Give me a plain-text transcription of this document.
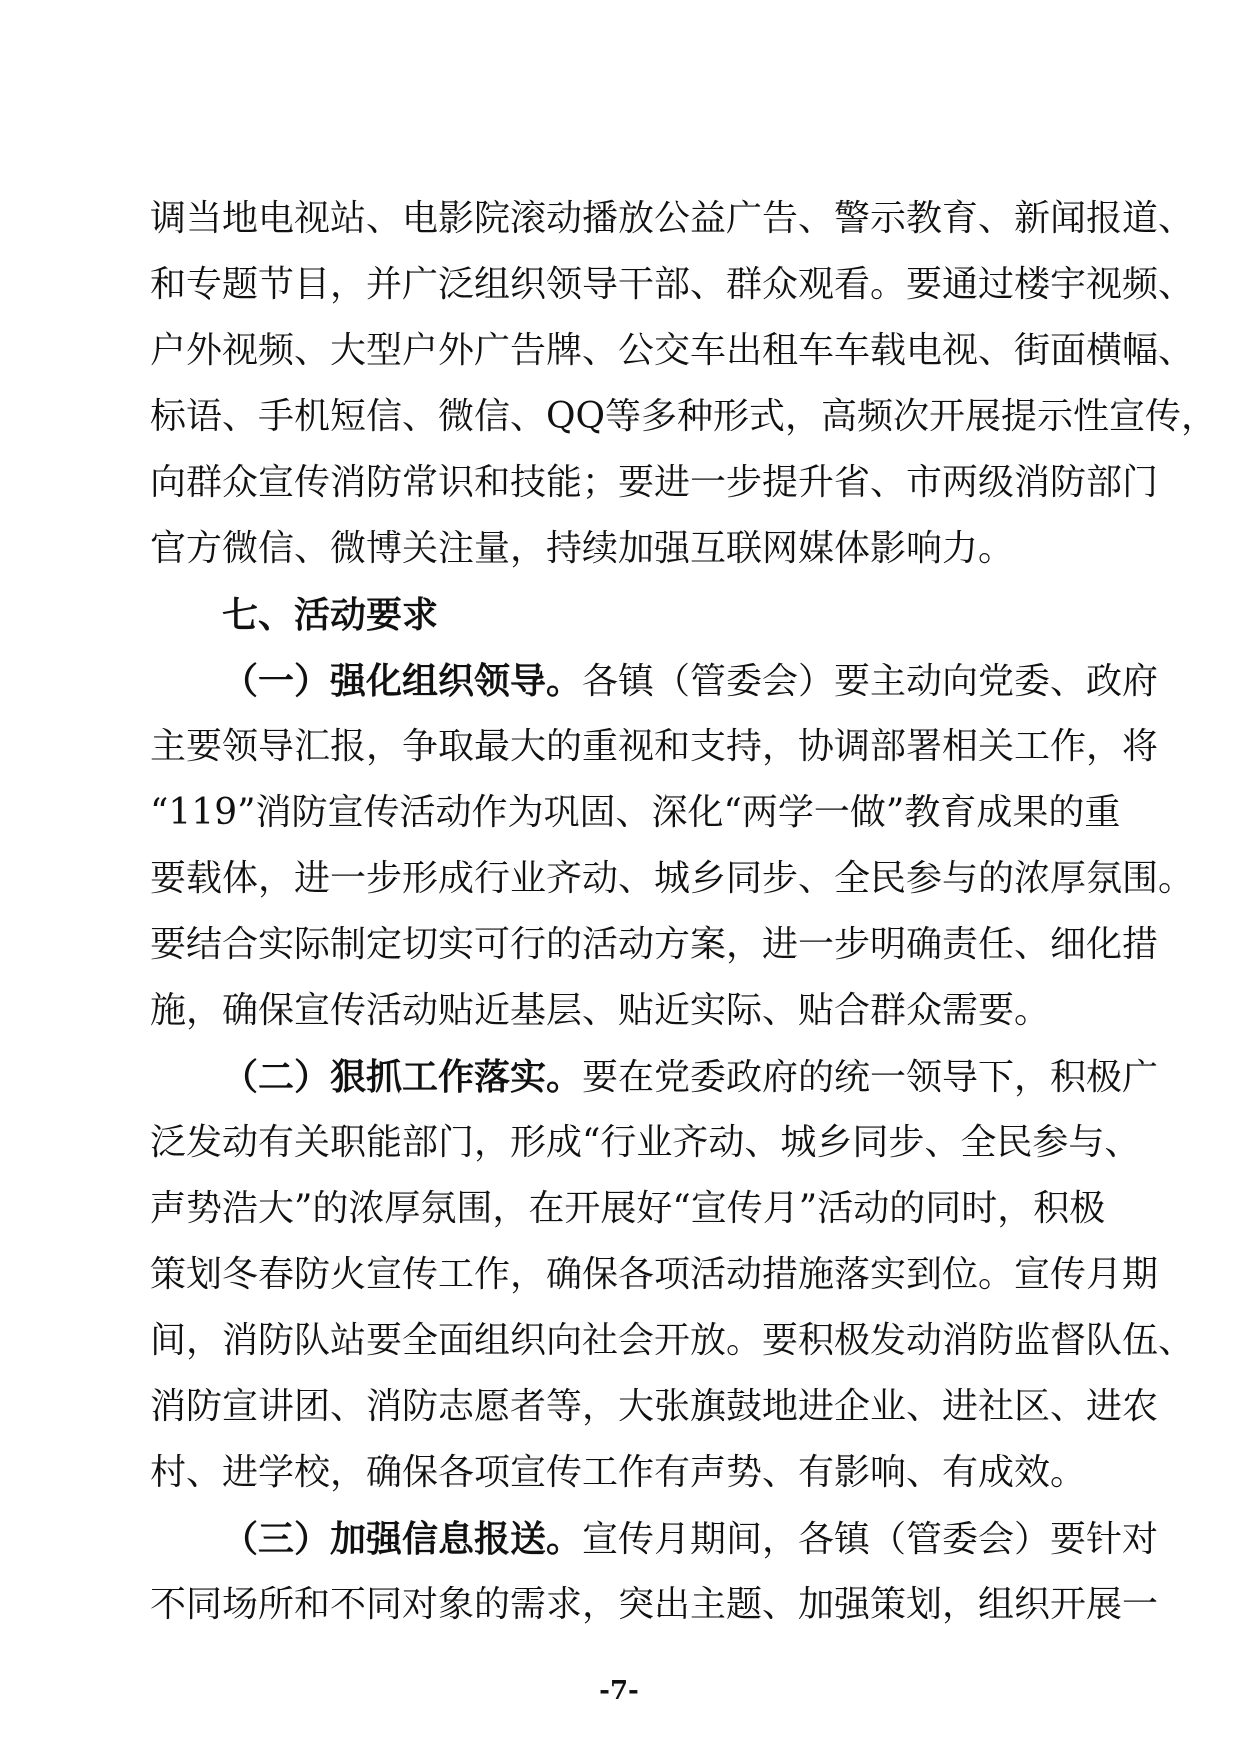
调当地电视站、电影院滚动播放公益广告、警示教育、新闻报道、
和专题节目，并广泛组织领导干部、群众观看。要通过楼宇视频、
户外视频、大型户外广告牌、公交车出租车车载电视、街面横幅、
标语、手机短信、微信、QQ等多种形式，高频次开展提示性宣传，
向群众宣传消防常识和技能；要进一步提升省、市两级消防部门
官方微信、微博关注量，持续加强互联网媒体影响力。
七、活动要求
（一）强化组织领导。各镇（管委会）要主动向党委、政府
主要领导汇报，争取最大的重视和支持，协调部署相关工作，将
“119”消防宣传活动作为巩固、深化“两学一做”教育成果的重
要载体，进一步形成行业齐动、城乡同步、全民参与的浓厚氛围。
要结合实际制定切实可行的活动方案，进一步明确责任、细化措
施，确保宣传活动贴近基层、贴近实际、贴合群众需要。
（二）狠抓工作落实。要在党委政府的统一领导下，积极广
泛发动有关职能部门，形成“行业齐动、城乡同步、全民参与、
声势浩大”的浓厚氛围，在开展好“宣传月”活动的同时，积极
策划冬春防火宣传工作，确保各项活动措施落实到位。宣传月期
间，消防队站要全面组织向社会开放。要积极发动消防监督队伍、
消防宣讲团、消防志愿者等，大张旗鼓地进企业、进社区、进农
村、进学校，确保各项宣传工作有声势、有影响、有成效。
（三）加强信息报送。宣传月期间，各镇（管委会）要针对
不同场所和不同对象的需求，突出主题、加强策划，组织开展一
-7-
